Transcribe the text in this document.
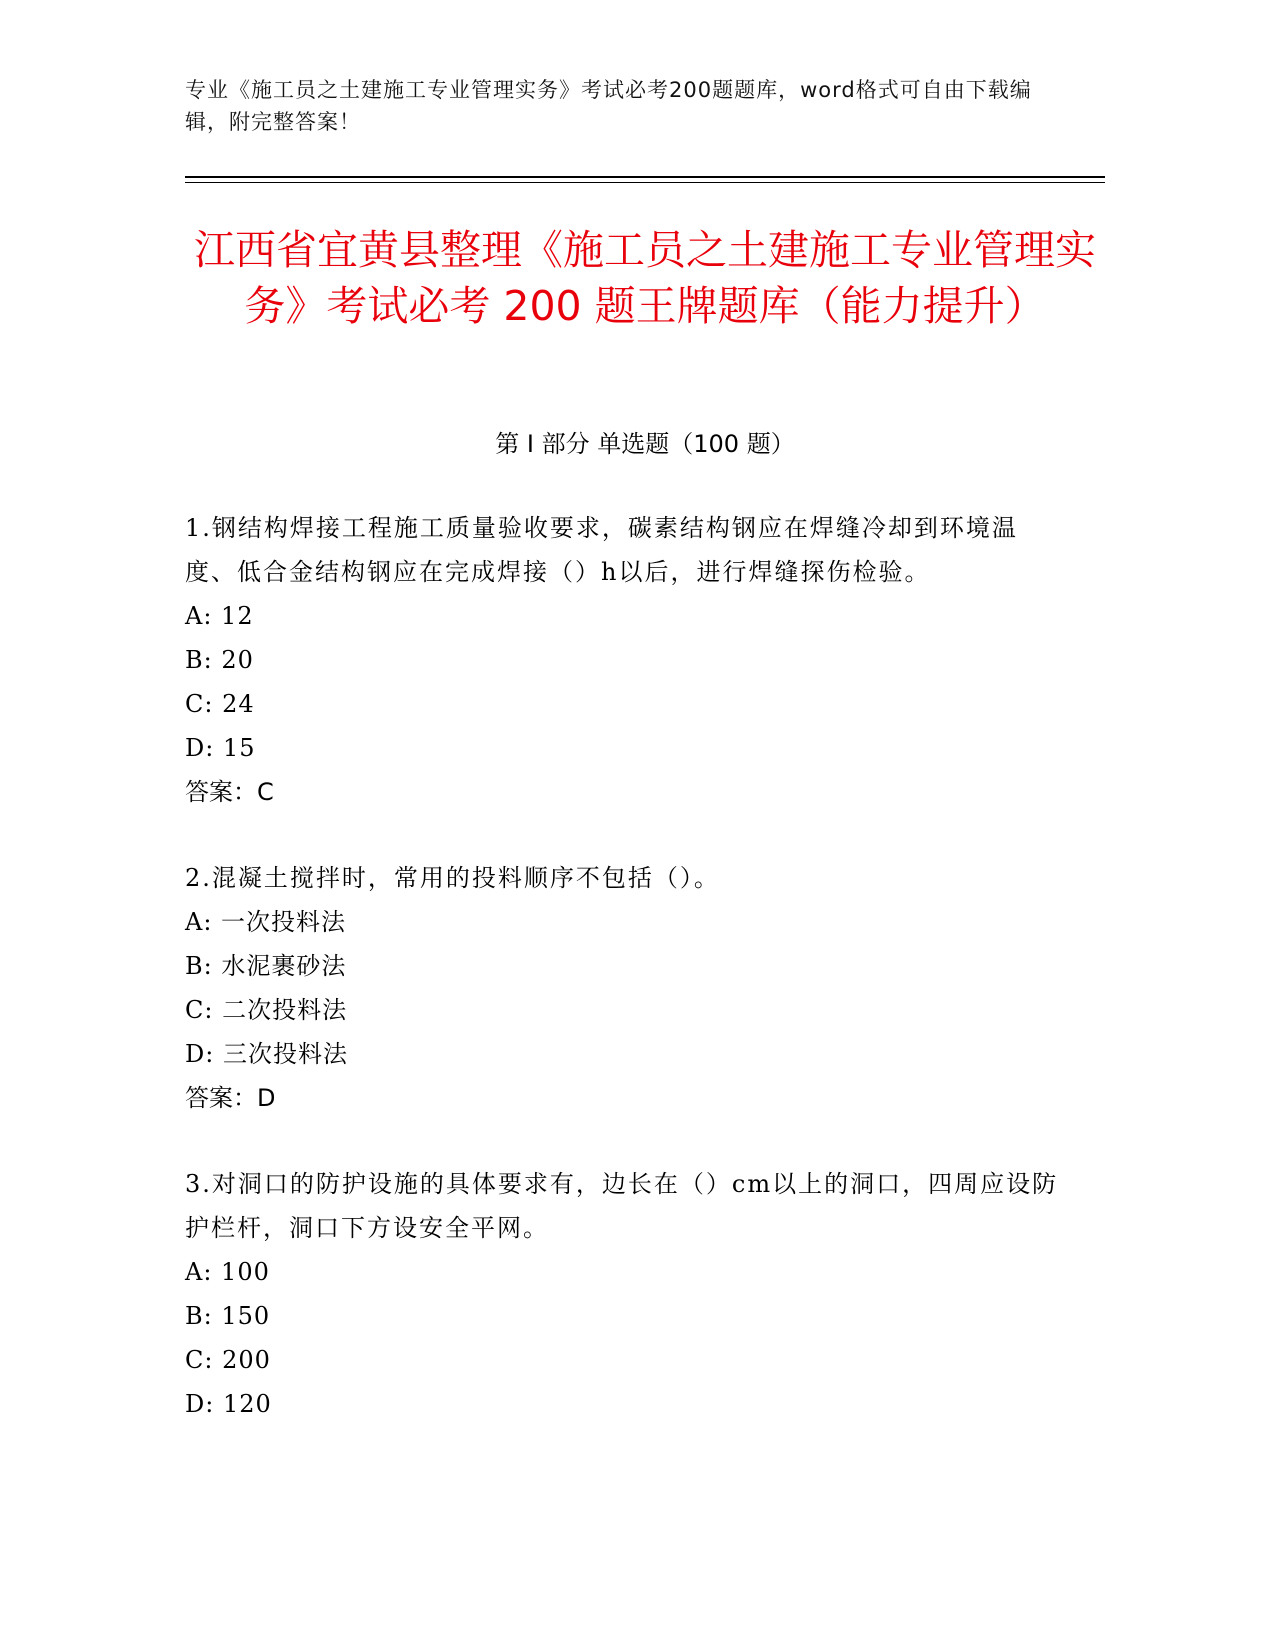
专业《施工员之土建施工专业管理实务》考试必考200题题库，word格式可自由下载编辑，附完整答案！
江西省宜黄县整理《施工员之土建施工专业管理实务》考试必考 200 题王牌题库（能力提升）
第 I 部分 单选题（100 题）

1.钢结构焊接工程施工质量验收要求，碳素结构钢应在焊缝冷却到环境温度、低合金结构钢应在完成焊接（）h以后，进行焊缝探伤检验。

A: 12

B: 20

C: 24

D: 15

答案：C

2.混凝土搅拌时，常用的投料顺序不包括（）。

A: 一次投料法

B: 水泥裹砂法

C: 二次投料法

D: 三次投料法

答案：D

3.对洞口的防护设施的具体要求有，边长在（）cm以上的洞口，四周应设防护栏杆，洞口下方设安全平网。

A: 100

B: 150

C: 200

D: 120
